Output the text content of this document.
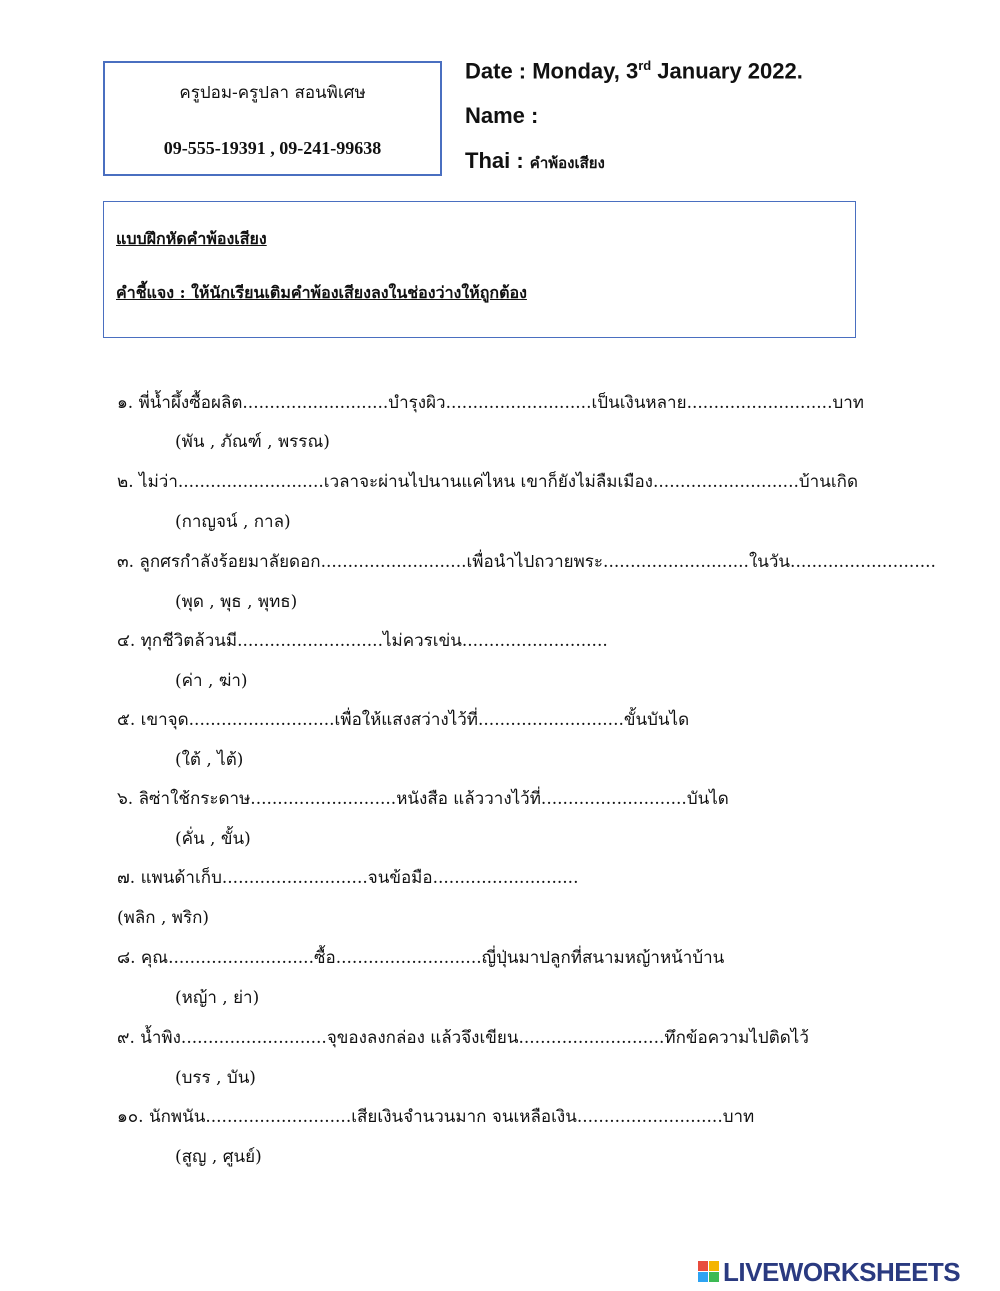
ครูปอม-ครูปลา สอนพิเศษ
09-555-19391 , 09-241-99638
Date : Monday, 3rd January 2022.
Name :
Thai : คำพ้องเสียง
แบบฝึกหัดคำพ้องเสียง
คำชี้แจง : ให้นักเรียนเติมคำพ้องเสียงลงในช่องว่างให้ถูกต้อง
๑. พี่น้ำผึ้งซื้อผลิต...........................บำรุงผิว...........................เป็นเงินหลาย...........................บาท
(พัน , ภัณฑ์ , พรรณ)
๒. ไม่ว่า...........................เวลาจะผ่านไปนานแค่ไหน เขาก็ยังไม่ลืมเมือง...........................บ้านเกิด
(กาญจน์ , กาล)
๓. ลูกศรกำลังร้อยมาลัยดอก...........................เพื่อนำไปถวายพระ...........................ในวัน...........................
(พุด , พุธ , พุทธ)
๔. ทุกชีวิตล้วนมี...........................ไม่ควรเข่น...........................
(ค่า , ฆ่า)
๕. เขาจุด...........................เพื่อให้แสงสว่างไว้ที่...........................ขั้นบันได
(ใต้ , ไต้)
๖. ลิซ่าใช้กระดาษ...........................หนังสือ แล้ววางไว้ที่...........................บันได
(คั่น , ขั้น)
๗. แพนด้าเก็บ...........................จนข้อมือ...........................
(พลิก , พริก)
๘. คุณ...........................ซื้อ...........................ญี่ปุ่นมาปลูกที่สนามหญ้าหน้าบ้าน
(หญ้า , ย่า)
๙. น้ำพิง...........................จุของลงกล่อง แล้วจึงเขียน...........................ทึกข้อความไปติดไว้
(บรร , บัน)
๑๐. นักพนัน...........................เสียเงินจำนวนมาก จนเหลือเงิน...........................บาท
(สูญ , ศูนย์)
LIVEWORKSHEETS
